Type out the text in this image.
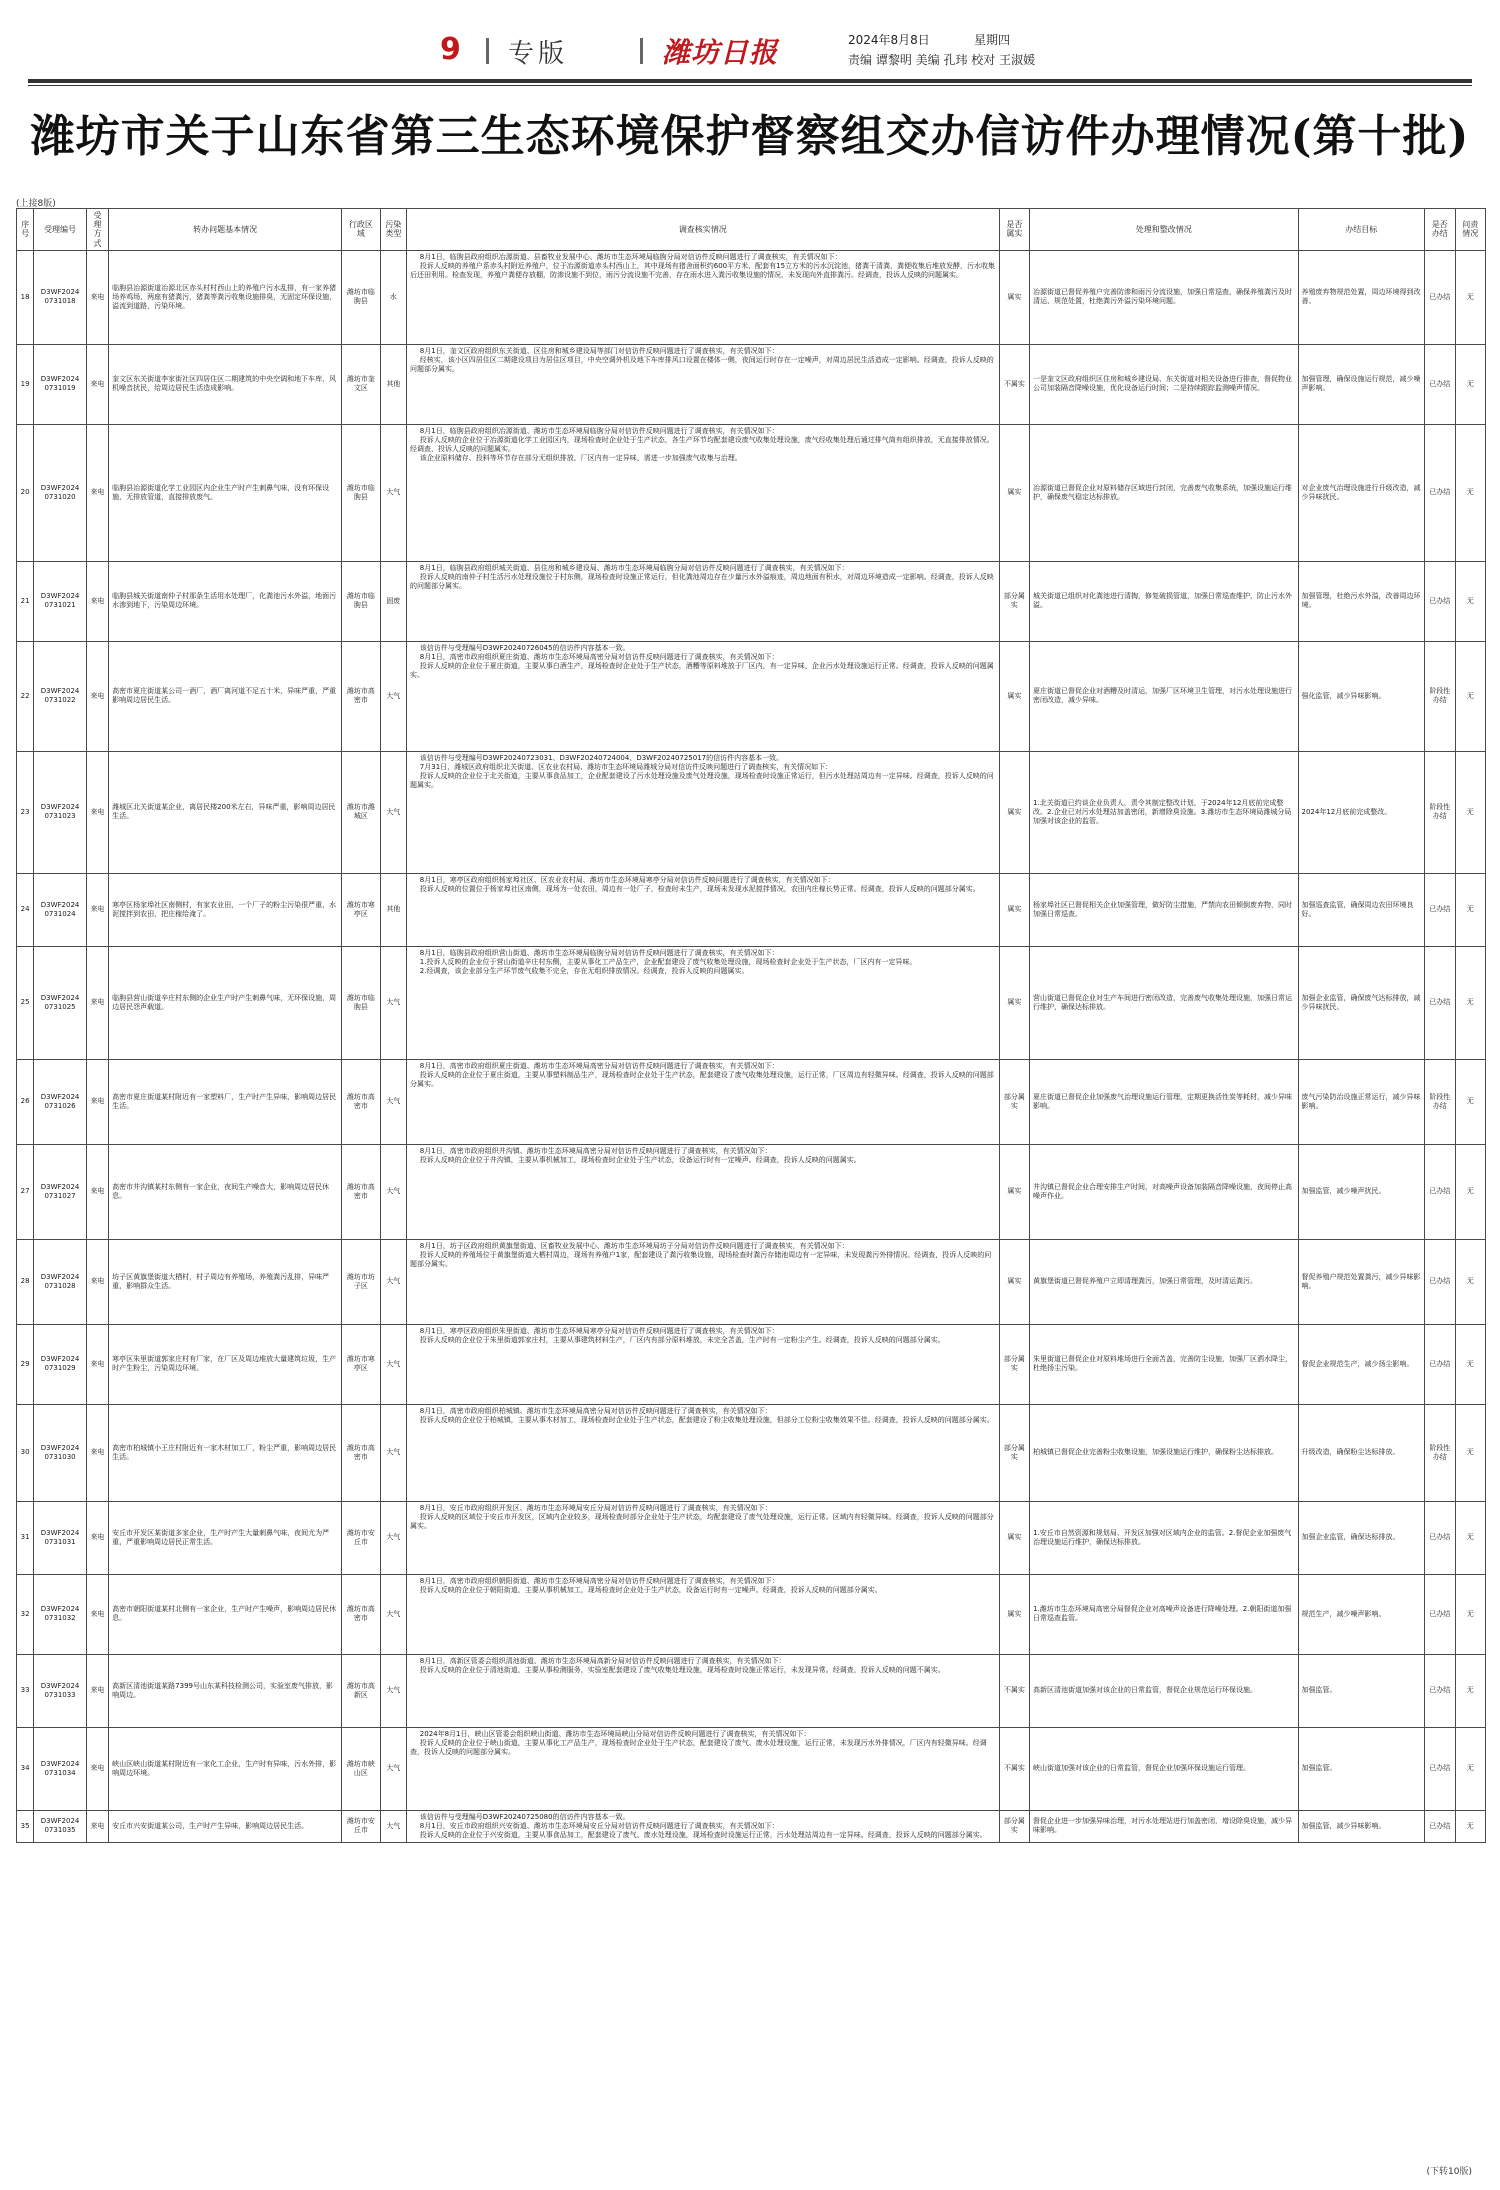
9 专版	潍坊日报	2024年8月8日	星期四
责编 谭黎明 美编 孔玮 校对 王淑媛
潍坊市关于山东省第三生态环境保护督察组交办信访件办理情况(第十批)
(上接8版)
序号	受理编号	受理方式	转办问题基本情况	行政区域	污染类型	调查核实情况	是否属实	处理和整改情况	办结目标	是否办结	问责情况
18	D3WF2024 0731018	来电	临朐县冶源街道冶源北区赤头村村西山上的养殖户污水乱排，有一家养猪场养鸡场，两座有猪粪污，猪粪等粪污收集设施排臭，无固定环保设施，溢流到道路，污染环境。	潍坊市临朐县	水	8月1日，临朐县政府组织冶源街道、县畜牧业发展中心、潍坊市生态环境局临朐分局对信访件反映问题进行了调查核实，有关情况如下：

投诉人反映的养殖户系赤头村附近养殖户，位于冶源街道赤头村西山上，其中现场有猪舍面积约600平方米，配套有15立方米的污水沉淀池，猪粪干清粪，粪便收集后堆放发酵，污水收集后还田利用。检查发现，养殖户粪便存放棚，防渗设施不到位，雨污分流设施不完善，存在雨水进入粪污收集设施的情况，未发现向外直排粪污。经调查，投诉人反映的问题属实。	属实	冶源街道已督促养殖户完善防渗和雨污分流设施，加强日常巡查，确保养殖粪污及时清运、规范处置，杜绝粪污外溢污染环境问题。	养殖废弃物规范处置，周边环境得到改善。	已办结	无
19	D3WF2024 0731019	来电	奎文区东关街道李家街社区四居住区二期建筑的中央空调和地下车库，风机噪音扰民，给周边居民生活造成影响。	潍坊市奎文区	其他	8月1日，奎文区政府组织东关街道、区住房和城乡建设局等部门对信访件反映问题进行了调查核实，有关情况如下：

经核实，该小区四居住区二期建设项目为居住区项目，中央空调外机及地下车库排风口设置在楼体一侧，夜间运行时存在一定噪声，对周边居民生活造成一定影响。经调查，投诉人反映的问题部分属实。	不属实	一是奎文区政府组织区住房和城乡建设局、东关街道对相关设备进行排查，督促物业公司加装隔音降噪设施，优化设备运行时间；二是持续跟踪监测噪声情况。	加强管理，确保设施运行规范，减少噪声影响。	已办结	无
20	D3WF2024 0731020	来电	临朐县冶源街道化学工业园区内企业生产时产生刺鼻气味，没有环保设施，无排放管道，直接排放废气。	潍坊市临朐县	大气	8月1日，临朐县政府组织冶源街道、潍坊市生态环境局临朐分局对信访件反映问题进行了调查核实，有关情况如下：

投诉人反映的企业位于冶源街道化学工业园区内，现场检查时企业处于生产状态，各生产环节均配套建设废气收集处理设施，废气经收集处理后通过排气筒有组织排放，无直接排放情况。经调查，投诉人反映的问题属实。

该企业原料储存、投料等环节存在部分无组织排放，厂区内有一定异味，需进一步加强废气收集与治理。	属实	冶源街道已督促企业对原料储存区域进行封闭，完善废气收集系统，加强设施运行维护，确保废气稳定达标排放。	对企业废气治理设施进行升级改造，减少异味扰民。	已办结	无
21	D3WF2024 0731021	来电	临朐县城关街道南仲子村那条生活用水处理厂，化粪池污水外溢，地面污水渗到地下，污染周边环境。	潍坊市临朐县	固废	8月1日，临朐县政府组织城关街道、县住房和城乡建设局、潍坊市生态环境局临朐分局对信访件反映问题进行了调查核实，有关情况如下：

投诉人反映的南仲子村生活污水处理设施位于村东侧，现场检查时设施正常运行，但化粪池周边存在少量污水外溢痕迹，周边地面有积水，对周边环境造成一定影响。经调查，投诉人反映的问题部分属实。	部分属实	城关街道已组织对化粪池进行清掏，修复破损管道，加强日常巡查维护，防止污水外溢。	加强管理，杜绝污水外溢，改善周边环境。	已办结	无
22	D3WF2024 0731022	来电	高密市夏庄街道某公司一酒厂，酒厂离河道不足五十米，异味严重，严重影响周边居民生活。	潍坊市高密市	大气	该信访件与受理编号D3WF20240726045的信访件内容基本一致。

8月1日，高密市政府组织夏庄街道、潍坊市生态环境局高密分局对信访件反映问题进行了调查核实，有关情况如下：

投诉人反映的企业位于夏庄街道，主要从事白酒生产，现场检查时企业处于生产状态，酒糟等原料堆放于厂区内，有一定异味，企业污水处理设施运行正常。经调查，投诉人反映的问题属实。	属实	夏庄街道已督促企业对酒糟及时清运，加强厂区环境卫生管理，对污水处理设施进行密闭改造，减少异味。	强化监管，减少异味影响。	阶段性办结	无
23	D3WF2024 0731023	来电	潍城区北关街道某企业，离居民楼200米左右，异味严重，影响周边居民生活。	潍坊市潍城区	大气	该信访件与受理编号D3WF20240723031、D3WF20240724004、D3WF20240725017的信访件内容基本一致。

7月31日，潍城区政府组织北关街道、区农业农村局、潍坊市生态环境局潍城分局对信访件反映问题进行了调查核实，有关情况如下：

投诉人反映的企业位于北关街道，主要从事食品加工，企业配套建设了污水处理设施及废气处理设施，现场检查时设施正常运行，但污水处理站周边有一定异味。经调查，投诉人反映的问题属实。	属实	1.北关街道已约谈企业负责人，责令其制定整改计划，于2024年12月底前完成整改。2.企业已对污水处理站加盖密闭，新增除臭设施。3.潍坊市生态环境局潍城分局加强对该企业的监管。	2024年12月底前完成整改。	阶段性办结	无
24	D3WF2024 0731024	来电	寒亭区杨家埠社区南侧村，有家农业田，一个厂子的粉尘污染很严重，水泥搅拌到农田，把庄稼给淹了。	潍坊市寒亭区	其他	8月1日，寒亭区政府组织杨家埠社区、区农业农村局、潍坊市生态环境局寒亭分局对信访件反映问题进行了调查核实，有关情况如下：

投诉人反映的位置位于杨家埠社区南侧，现场为一处农田，周边有一处厂子，检查时未生产，现场未发现水泥搅拌情况，农田内庄稼长势正常。经调查，投诉人反映的问题部分属实。	属实	杨家埠社区已督促相关企业加强管理，做好防尘措施，严禁向农田倾倒废弃物，同时加强日常巡查。	加强巡查监管，确保周边农田环境良好。	已办结	无
25	D3WF2024 0731025	来电	临朐县营山街道辛庄村东侧的企业生产时产生刺鼻气味，无环保设施，周边居民怨声载道。	潍坊市临朐县	大气	8月1日，临朐县政府组织营山街道、潍坊市生态环境局临朐分局对信访件反映问题进行了调查核实，有关情况如下：

1.投诉人反映的企业位于营山街道辛庄村东侧，主要从事化工产品生产，企业配套建设了废气收集处理设施，现场检查时企业处于生产状态，厂区内有一定异味。

2.经调查，该企业部分生产环节废气收集不完全，存在无组织排放情况。经调查，投诉人反映的问题属实。	属实	营山街道已督促企业对生产车间进行密闭改造，完善废气收集处理设施，加强日常运行维护，确保达标排放。	加强企业监管，确保废气达标排放，减少异味扰民。	已办结	无
26	D3WF2024 0731026	来电	高密市夏庄街道某村附近有一家塑料厂，生产时产生异味，影响周边居民生活。	潍坊市高密市	大气	8月1日，高密市政府组织夏庄街道、潍坊市生态环境局高密分局对信访件反映问题进行了调查核实，有关情况如下：

投诉人反映的企业位于夏庄街道，主要从事塑料制品生产，现场检查时企业处于生产状态，配套建设了废气收集处理设施，运行正常，厂区周边有轻微异味。经调查，投诉人反映的问题部分属实。	部分属实	夏庄街道已督促企业加强废气治理设施运行管理，定期更换活性炭等耗材，减少异味影响。	废气污染防治设施正常运行，减少异味影响。	阶段性办结	无
27	D3WF2024 0731027	来电	高密市井沟镇某村东侧有一家企业，夜间生产噪音大，影响周边居民休息。	潍坊市高密市	大气	8月1日，高密市政府组织井沟镇、潍坊市生态环境局高密分局对信访件反映问题进行了调查核实，有关情况如下：

投诉人反映的企业位于井沟镇，主要从事机械加工，现场检查时企业处于生产状态，设备运行时有一定噪声。经调查，投诉人反映的问题属实。	属实	井沟镇已督促企业合理安排生产时间，对高噪声设备加装隔音降噪设施，夜间停止高噪声作业。	加强监管，减少噪声扰民。	已办结	无
28	D3WF2024 0731028	来电	坊子区黄旗堡街道大栖村，村子周边有养殖场，养殖粪污乱排，异味严重，影响群众生活。	潍坊市坊子区	大气	8月1日，坊子区政府组织黄旗堡街道、区畜牧业发展中心、潍坊市生态环境局坊子分局对信访件反映问题进行了调查核实，有关情况如下：

投诉人反映的养殖场位于黄旗堡街道大栖村周边，现场有养殖户1家，配套建设了粪污收集设施，现场检查时粪污存储池周边有一定异味，未发现粪污外排情况。经调查，投诉人反映的问题部分属实。	属实	黄旗堡街道已督促养殖户立即清理粪污，加强日常管理，及时清运粪污。	督促养殖户规范处置粪污，减少异味影响。	已办结	无
29	D3WF2024 0731029	来电	寒亭区朱里街道郭家庄村有厂家，在厂区及周边堆放大量建筑垃圾，生产时产生粉尘，污染周边环境。	潍坊市寒亭区	大气	8月1日，寒亭区政府组织朱里街道、潍坊市生态环境局寒亭分局对信访件反映问题进行了调查核实，有关情况如下：

投诉人反映的企业位于朱里街道郭家庄村，主要从事建筑材料生产，厂区内有部分原料堆放，未完全苫盖，生产时有一定粉尘产生。经调查，投诉人反映的问题部分属实。	部分属实	朱里街道已督促企业对原料堆场进行全面苫盖，完善防尘设施，加强厂区洒水降尘，杜绝扬尘污染。	督促企业规范生产，减少扬尘影响。	已办结	无
30	D3WF2024 0731030	来电	高密市柏城镇小王庄村附近有一家木材加工厂，粉尘严重，影响周边居民生活。	潍坊市高密市	大气	8月1日，高密市政府组织柏城镇、潍坊市生态环境局高密分局对信访件反映问题进行了调查核实，有关情况如下：

投诉人反映的企业位于柏城镇，主要从事木材加工，现场检查时企业处于生产状态，配套建设了粉尘收集处理设施，但部分工位粉尘收集效果不佳。经调查，投诉人反映的问题部分属实。	部分属实	柏城镇已督促企业完善粉尘收集设施，加强设施运行维护，确保粉尘达标排放。	升级改造，确保粉尘达标排放。	阶段性办结	无
31	D3WF2024 0731031	来电	安丘市开发区某街道多家企业，生产时产生大量刺鼻气味，夜间尤为严重，严重影响周边居民正常生活。	潍坊市安丘市	大气	8月1日，安丘市政府组织开发区、潍坊市生态环境局安丘分局对信访件反映问题进行了调查核实，有关情况如下：

投诉人反映的区域位于安丘市开发区，区域内企业较多，现场检查时部分企业处于生产状态，均配套建设了废气处理设施，运行正常。区域内有轻微异味。经调查，投诉人反映的问题部分属实。	属实	1.安丘市自然资源和规划局、开发区加强对区域内企业的监管。2.督促企业加强废气治理设施运行维护，确保达标排放。	加强企业监管，确保达标排放。	已办结	无
32	D3WF2024 0731032	来电	高密市朝阳街道某村北侧有一家企业，生产时产生噪声，影响周边居民休息。	潍坊市高密市	大气	8月1日，高密市政府组织朝阳街道、潍坊市生态环境局高密分局对信访件反映问题进行了调查核实，有关情况如下：

投诉人反映的企业位于朝阳街道，主要从事机械加工，现场检查时企业处于生产状态，设备运行时有一定噪声。经调查，投诉人反映的问题部分属实。	属实	1.潍坊市生态环境局高密分局督促企业对高噪声设备进行降噪处理。2.朝阳街道加强日常巡查监管。	规范生产，减少噪声影响。	已办结	无
33	D3WF2024 0731033	来电	高新区清池街道某路7399号山东某科技检测公司，实验室废气排放，影响周边。	潍坊市高新区	大气	8月1日，高新区管委会组织清池街道、潍坊市生态环境局高新分局对信访件反映问题进行了调查核实，有关情况如下：

投诉人反映的企业位于清池街道，主要从事检测服务，实验室配套建设了废气收集处理设施，现场检查时设施正常运行，未发现异常。经调查，投诉人反映的问题不属实。	不属实	高新区清池街道加强对该企业的日常监管，督促企业规范运行环保设施。	加强监管。	已办结	无
34	D3WF2024 0731034	来电	峡山区峡山街道某村附近有一家化工企业，生产时有异味，污水外排，影响周边环境。	潍坊市峡山区	大气	2024年8月1日，峡山区管委会组织峡山街道、潍坊市生态环境局峡山分局对信访件反映问题进行了调查核实，有关情况如下：

投诉人反映的企业位于峡山街道，主要从事化工产品生产，现场检查时企业处于生产状态，配套建设了废气、废水处理设施，运行正常，未发现污水外排情况，厂区内有轻微异味。经调查，投诉人反映的问题部分属实。	不属实	峡山街道加强对该企业的日常监管，督促企业加强环保设施运行管理。	加强监管。	已办结	无
35	D3WF2024 0731035	来电	安丘市兴安街道某公司，生产时产生异味，影响周边居民生活。	潍坊市安丘市	大气	该信访件与受理编号D3WF20240725080的信访件内容基本一致。

8月1日，安丘市政府组织兴安街道、潍坊市生态环境局安丘分局对信访件反映问题进行了调查核实，有关情况如下：

投诉人反映的企业位于兴安街道，主要从事食品加工，配套建设了废气、废水处理设施，现场检查时设施运行正常，污水处理站周边有一定异味。经调查，投诉人反映的问题部分属实。	部分属实	督促企业进一步加强异味治理，对污水处理站进行加盖密闭，增设除臭设施，减少异味影响。	加强监管，减少异味影响。	已办结	无
(下转10版)
